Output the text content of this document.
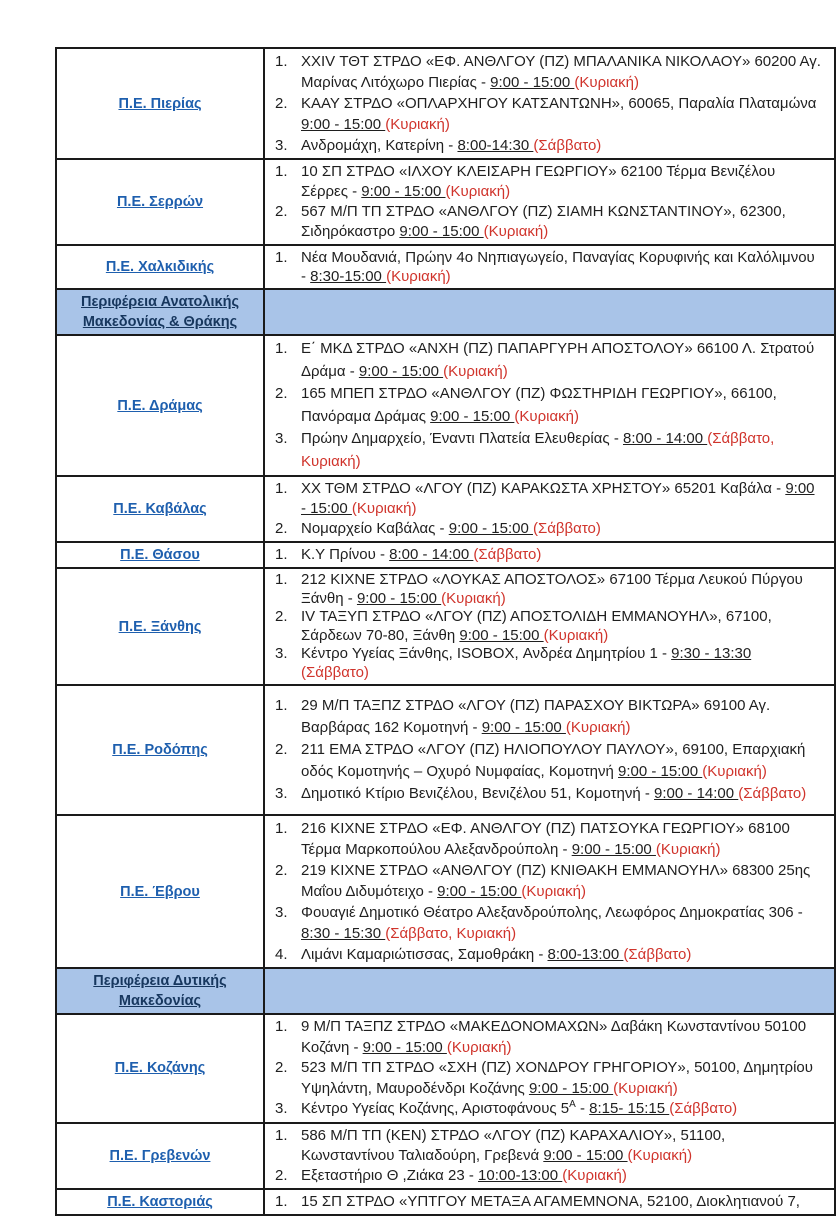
Π.Ε. Πιερίας
1. XXIV ΤΘΤ ΣΤΡΔΟ «ΕΦ. ΑΝΘΛΓΟΥ (ΠΖ) ΜΠΑΛΑΝΙΚΑ ΝΙΚΟΛΑΟΥ» 60200 Αγ. Μαρίνας Λιτόχωρο Πιερίας - 9:00 - 15:00 (Κυριακή)
2. ΚΑΑΥ ΣΤΡΔΟ «ΟΠΛΑΡΧΗΓΟΥ ΚΑΤΣΑΝΤΩΝΗ», 60065, Παραλία Πλαταμώνα 9:00 - 15:00 (Κυριακή)
3. Ανδρομάχη, Κατερίνη - 8:00-14:30 (Σάββατο)
Π.Ε. Σερρών
1. 10 ΣΠ ΣΤΡΔΟ «ΙΛΧΟΥ ΚΛΕΙΣΑΡΗ ΓΕΩΡΓΙΟΥ» 62100 Τέρμα Βενιζέλου Σέρρες - 9:00 - 15:00 (Κυριακή)
2. 567 Μ/Π ΤΠ ΣΤΡΔΟ «ΑΝΘΛΓΟΥ (ΠΖ) ΣΙΑΜΗ ΚΩΝΣΤΑΝΤΙΝΟΥ», 62300, Σιδηρόκαστρο 9:00 - 15:00 (Κυριακή)
Π.Ε. Χαλκιδικής
1. Νέα Μουδανιά, Πρώην 4ο Νηπιαγωγείο, Παναγίας Κορυφινής και Καλόλιμνου - 8:30-15:00 (Κυριακή)
Περιφέρεια Ανατολικής Μακεδονίας & Θράκης
Π.Ε. Δράμας
1. Ε΄ ΜΚΔ ΣΤΡΔΟ «ΑΝΧΗ (ΠΖ) ΠΑΠΑΡΓΥΡΗ ΑΠΟΣΤΟΛΟΥ» 66100 Λ. Στρατού Δράμα - 9:00 - 15:00 (Κυριακή)
2. 165 ΜΠΕΠ ΣΤΡΔΟ «ΑΝΘΛΓΟΥ (ΠΖ) ΦΩΣΤΗΡΙΔΗ ΓΕΩΡΓΙΟΥ», 66100, Πανόραμα Δράμας 9:00 - 15:00 (Κυριακή)
3. Πρώην Δημαρχείο, Έναντι Πλατεία Ελευθερίας - 8:00 - 14:00 (Σάββατο, Κυριακή)
Π.Ε. Καβάλας
1. ΧΧ ΤΘΜ ΣΤΡΔΟ «ΛΓΟΥ (ΠΖ) ΚΑΡΑΚΩΣΤΑ ΧΡΗΣΤΟΥ» 65201 Καβάλα - 9:00 - 15:00 (Κυριακή)
2. Νομαρχείο Καβάλας - 9:00 - 15:00 (Σάββατο)
Π.Ε. Θάσου	1. Κ.Υ Πρίνου - 8:00 - 14:00 (Σάββατο)
Π.Ε. Ξάνθης
1. 212 ΚΙΧΝΕ ΣΤΡΔΟ «ΛΟΥΚΑΣ ΑΠΟΣΤΟΛΟΣ» 67100 Τέρμα Λευκού Πύργου Ξάνθη - 9:00 - 15:00 (Κυριακή)
2. IV ΤΑΞΥΠ ΣΤΡΔΟ «ΛΓΟΥ (ΠΖ) ΑΠΟΣΤΟΛΙΔΗ ΕΜΜΑΝΟΥΗΛ», 67100, Σάρδεων 70-80, Ξάνθη 9:00 - 15:00 (Κυριακή)
3. Κέντρο Υγείας Ξάνθης, ISOBOX, Ανδρέα Δημητρίου 1 - 9:30 - 13:30 (Σάββατο)
Π.Ε. Ροδόπης
1. 29 Μ/Π ΤΑΞΠΖ ΣΤΡΔΟ «ΛΓΟΥ (ΠΖ) ΠΑΡΑΣΧΟΥ ΒΙΚΤΩΡΑ» 69100 Αγ. Βαρβάρας 162 Κομοτηνή - 9:00 - 15:00 (Κυριακή)
2. 211 ΕΜΑ ΣΤΡΔΟ «ΛΓΟΥ (ΠΖ) ΗΛΙΟΠΟΥΛΟΥ ΠΑΥΛΟΥ», 69100, Επαρχιακή οδός Κομοτηνής – Οχυρό Νυμφαίας, Κομοτηνή 9:00 - 15:00 (Κυριακή)
3. Δημοτικό Κτίριο Βενιζέλου, Βενιζέλου 51, Κομοτηνή - 9:00 - 14:00 (Σάββατο)
Π.Ε. Έβρου
1. 216 ΚΙΧΝΕ ΣΤΡΔΟ «ΕΦ. ΑΝΘΛΓΟΥ (ΠΖ) ΠΑΤΣΟΥΚΑ ΓΕΩΡΓΙΟΥ» 68100 Τέρμα Μαρκοπούλου Αλεξανδρούπολη - 9:00 - 15:00 (Κυριακή)
2. 219 ΚΙΧΝΕ ΣΤΡΔΟ «ΑΝΘΛΓΟΥ (ΠΖ) ΚΝΙΘΑΚΗ ΕΜΜΑΝΟΥΗΛ» 68300 25ης Μαΐου Διδυμότειχο - 9:00 - 15:00 (Κυριακή)
3. Φουαγιέ Δημοτικό Θέατρο Αλεξανδρούπολης, Λεωφόρος Δημοκρατίας 306 - 8:30 - 15:30 (Σάββατο, Κυριακή)
4. Λιμάνι Καμαριώτισσας, Σαμοθράκη - 8:00-13:00 (Σάββατο)
Περιφέρεια Δυτικής Μακεδονίας
Π.Ε. Κοζάνης
1. 9 Μ/Π ΤΑΞΠΖ ΣΤΡΔΟ «ΜΑΚΕΔΟΝΟΜΑΧΩΝ» Δαβάκη Κωνσταντίνου 50100 Κοζάνη - 9:00 - 15:00 (Κυριακή)
2. 523 Μ/Π ΤΠ ΣΤΡΔΟ «ΣΧΗ (ΠΖ) ΧΟΝΔΡΟΥ ΓΡΗΓΟΡΙΟΥ», 50100, Δημητρίου Υψηλάντη, Μαυροδένδρι Κοζάνης 9:00 - 15:00 (Κυριακή)
3. Κέντρο Υγείας Κοζάνης, Αριστοφάνους $5^A$ - 8:15- 15:15 (Σάββατο)
Π.Ε. Γρεβενών
1. 586 Μ/Π ΤΠ (ΚΕΝ) ΣΤΡΔΟ «ΛΓΟΥ (ΠΖ) ΚΑΡΑΧΑΛΙΟΥ», 51100, Κωνσταντίνου Ταλιαδούρη, Γρεβενά 9:00 - 15:00 (Κυριακή)
2. Εξεταστήριο Θ ,Ζιάκα 23 - 10:00-13:00 (Κυριακή)
Π.Ε. Καστοριάς	1. 15 ΣΠ ΣΤΡΔΟ «ΥΠΤΓΟΥ ΜΕΤΑΞΑ ΑΓΑΜΕΜΝΟΝΑ, 52100, Διοκλητιανού 7,
